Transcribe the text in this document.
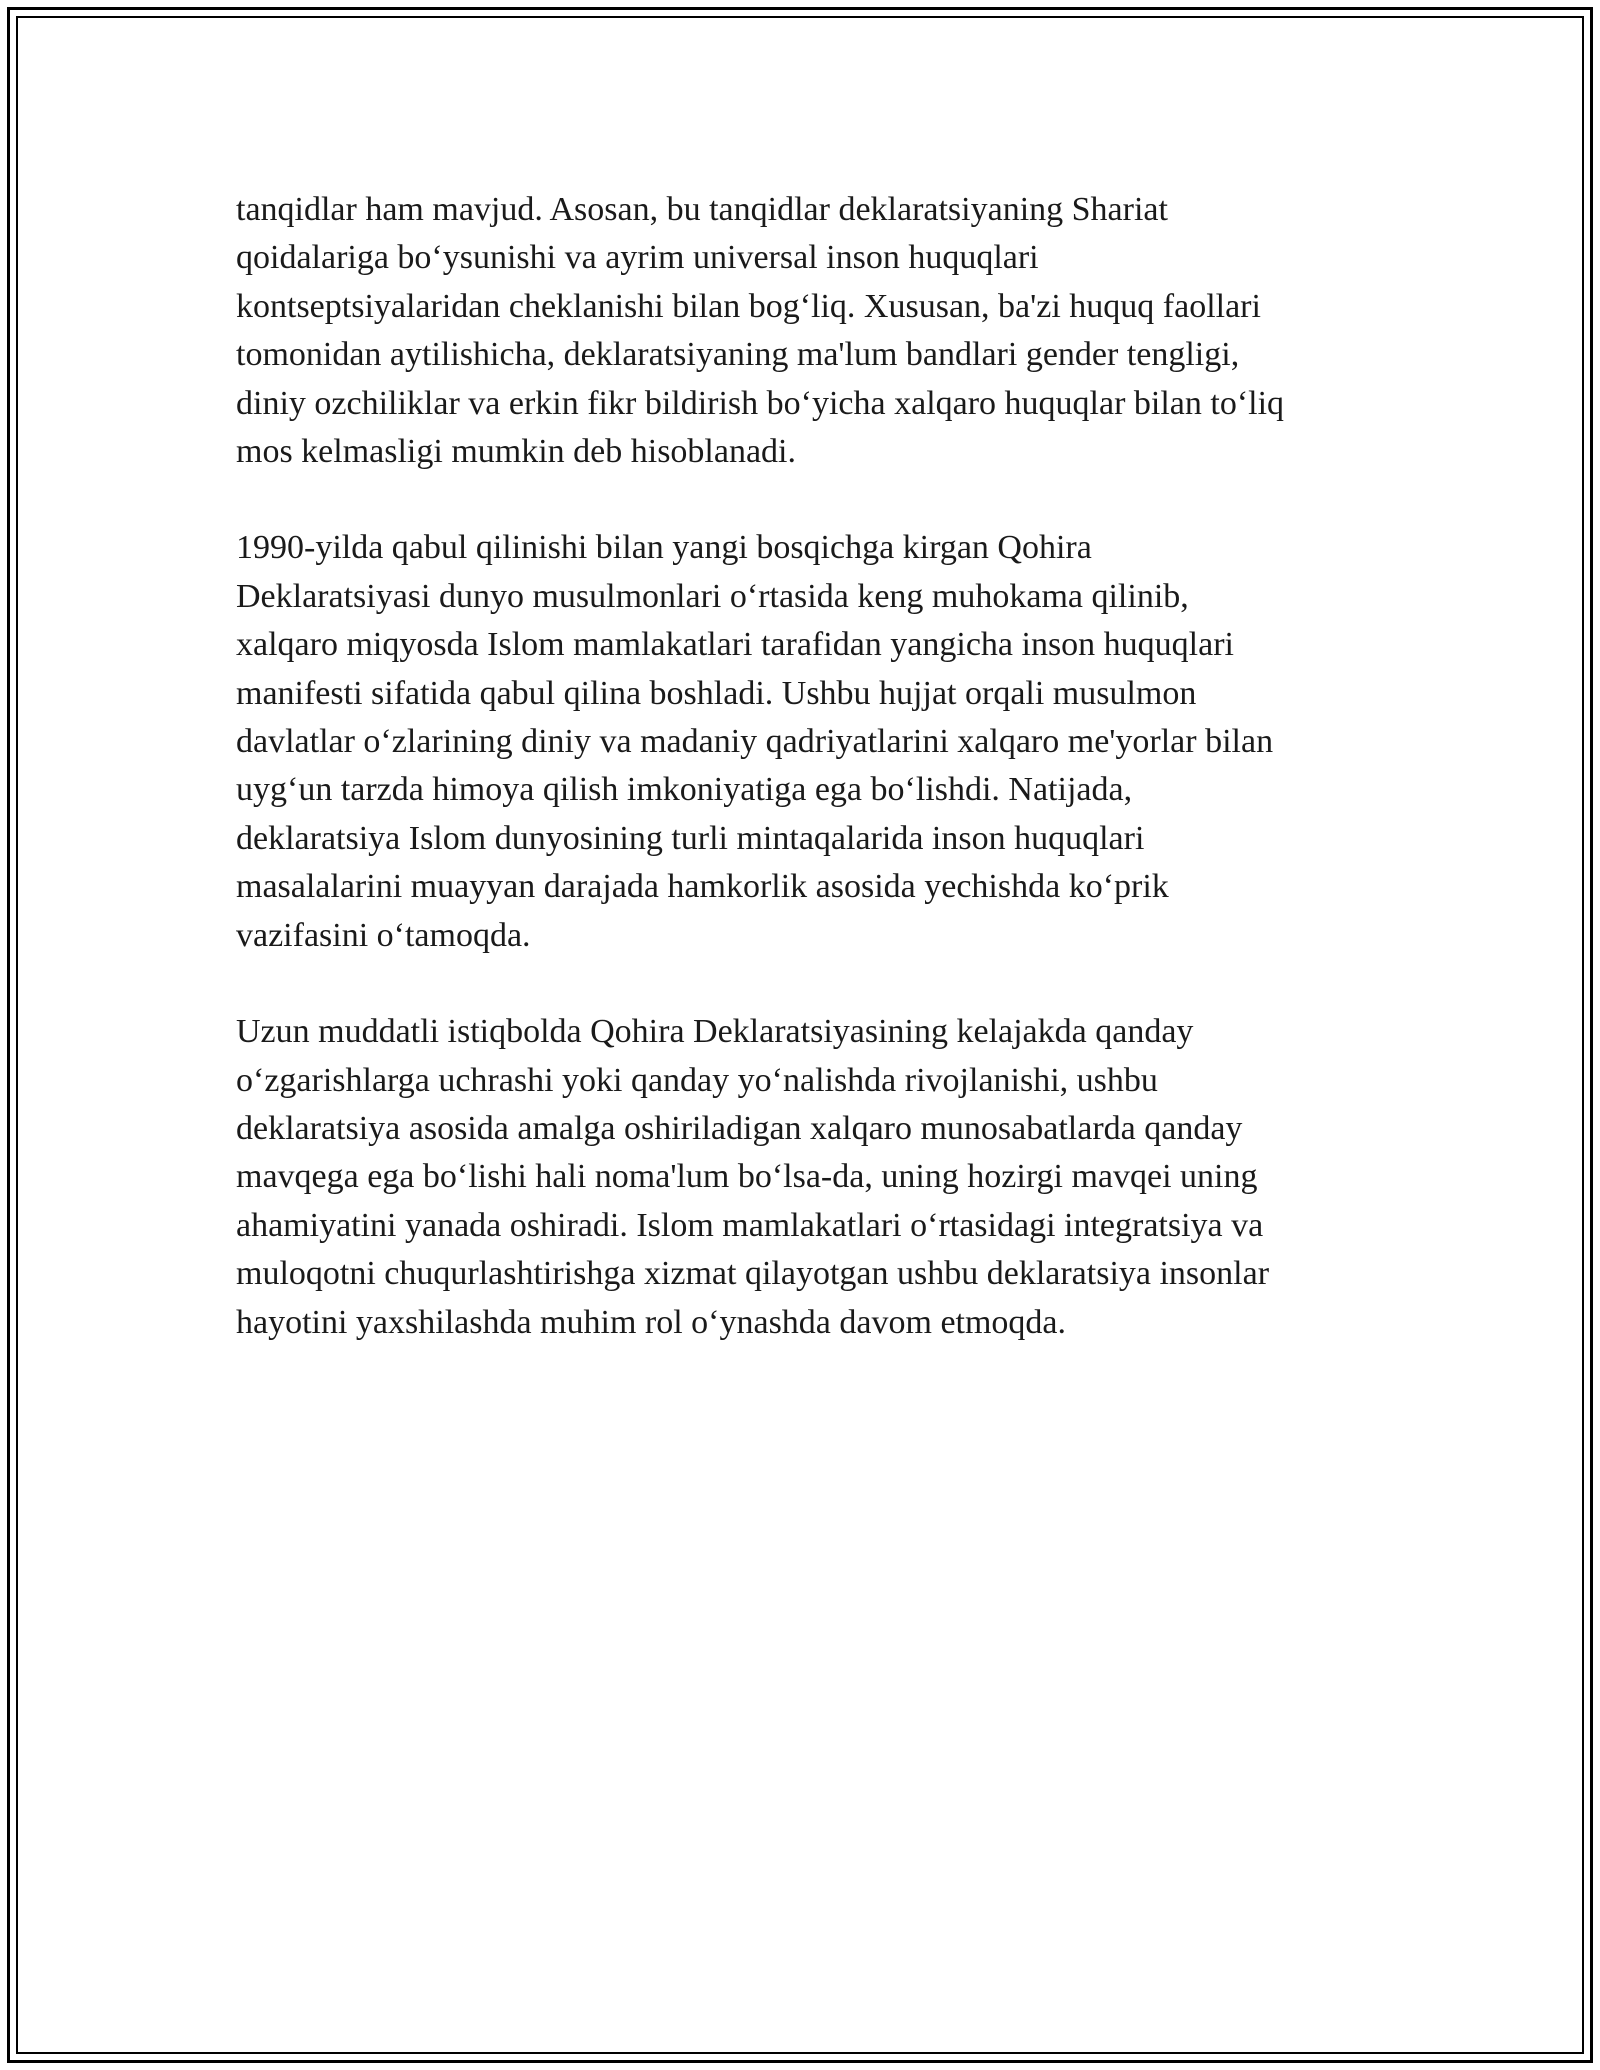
tanqidlar ham mavjud. Asosan, bu tanqidlar deklaratsiyaning Shariat
qoidalariga bo‘ysunishi va ayrim universal inson huquqlari
kontseptsiyalaridan cheklanishi bilan bog‘liq. Xususan, ba'zi huquq faollari
tomonidan aytilishicha, deklaratsiyaning ma'lum bandlari gender tengligi,
diniy ozchiliklar va erkin fikr bildirish bo‘yicha xalqaro huquqlar bilan to‘liq
mos kelmasligi mumkin deb hisoblanadi.

1990-yilda qabul qilinishi bilan yangi bosqichga kirgan Qohira
Deklaratsiyasi dunyo musulmonlari o‘rtasida keng muhokama qilinib,
xalqaro miqyosda Islom mamlakatlari tarafidan yangicha inson huquqlari
manifesti sifatida qabul qilina boshladi. Ushbu hujjat orqali musulmon
davlatlar o‘zlarining diniy va madaniy qadriyatlarini xalqaro me'yorlar bilan
uyg‘un tarzda himoya qilish imkoniyatiga ega bo‘lishdi. Natijada,
deklaratsiya Islom dunyosining turli mintaqalarida inson huquqlari
masalalarini muayyan darajada hamkorlik asosida yechishda ko‘prik
vazifasini o‘tamoqda.

Uzun muddatli istiqbolda Qohira Deklaratsiyasining kelajakda qanday
o‘zgarishlarga uchrashi yoki qanday yo‘nalishda rivojlanishi, ushbu
deklaratsiya asosida amalga oshiriladigan xalqaro munosabatlarda qanday
mavqega ega bo‘lishi hali noma'lum bo‘lsa-da, uning hozirgi mavqei uning
ahamiyatini yanada oshiradi. Islom mamlakatlari o‘rtasidagi integratsiya va
muloqotni chuqurlashtirishga xizmat qilayotgan ushbu deklaratsiya insonlar
hayotini yaxshilashda muhim rol o‘ynashda davom etmoqda.
